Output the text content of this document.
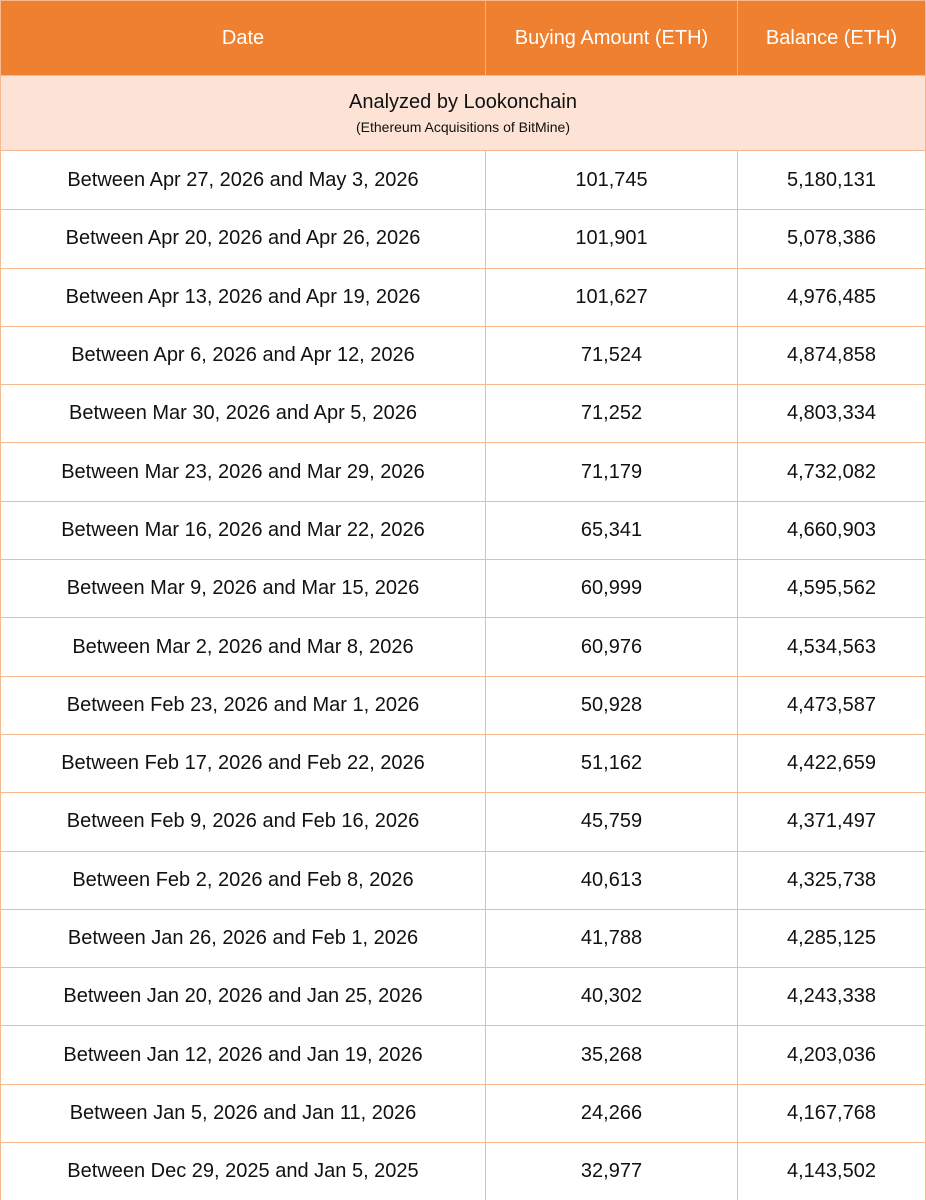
Date	Buying Amount (ETH)	Balance (ETH)
Analyzed by Lookonchain
(Ethereum Acquisitions of BitMine)
Between Apr 27, 2026 and May 3, 2026	101,745	5,180,131
Between Apr 20, 2026 and Apr 26, 2026	101,901	5,078,386
Between Apr 13, 2026 and Apr 19, 2026	101,627	4,976,485
Between Apr 6, 2026 and Apr 12, 2026	71,524	4,874,858
Between Mar 30, 2026 and Apr 5, 2026	71,252	4,803,334
Between Mar 23, 2026 and Mar 29, 2026	71,179	4,732,082
Between Mar 16, 2026 and Mar 22, 2026	65,341	4,660,903
Between Mar 9, 2026 and Mar 15, 2026	60,999	4,595,562
Between Mar 2, 2026 and Mar 8, 2026	60,976	4,534,563
Between Feb 23, 2026 and Mar 1, 2026	50,928	4,473,587
Between Feb 17, 2026 and Feb 22, 2026	51,162	4,422,659
Between Feb 9, 2026 and Feb 16, 2026	45,759	4,371,497
Between Feb 2, 2026 and Feb 8, 2026	40,613	4,325,738
Between Jan 26, 2026 and Feb 1, 2026	41,788	4,285,125
Between Jan 20, 2026 and Jan 25, 2026	40,302	4,243,338
Between Jan 12, 2026 and Jan 19, 2026	35,268	4,203,036
Between Jan 5, 2026 and Jan 11, 2026	24,266	4,167,768
Between Dec 29, 2025 and Jan 5, 2025	32,977	4,143,502
